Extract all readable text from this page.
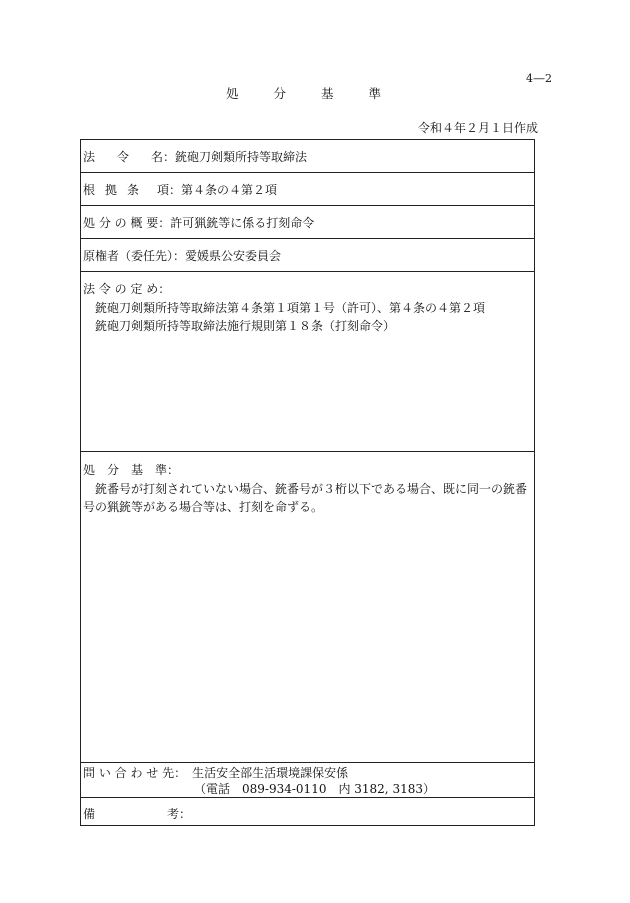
4―2
処	分	基	準
令和４年２月１日作成
法 令 名：銃砲刀剣類所持等取締法
根 拠 条 項：第４条の４第２項
処 分 の 概 要：許可猟銃等に係る打刻命令
原権者（委任先）：愛媛県公安委員会
法 令 の 定 め：
銃砲刀剣類所持等取締法第４条第１項第１号（許可）、第４条の４第２項
銃砲刀剣類所持等取締法施行規則第１８条（打刻命令）
処　分　基　準：
銃番号が打刻されていない場合、銃番号が３桁以下である場合、既に同一の銃番号の猟銃等がある場合等は、打刻を命ずる。
問 い 合 わ せ 先：　 生活安全部生活環境課保安係
（電話　089-934-0110　内 3182, 3183）
備	考：
